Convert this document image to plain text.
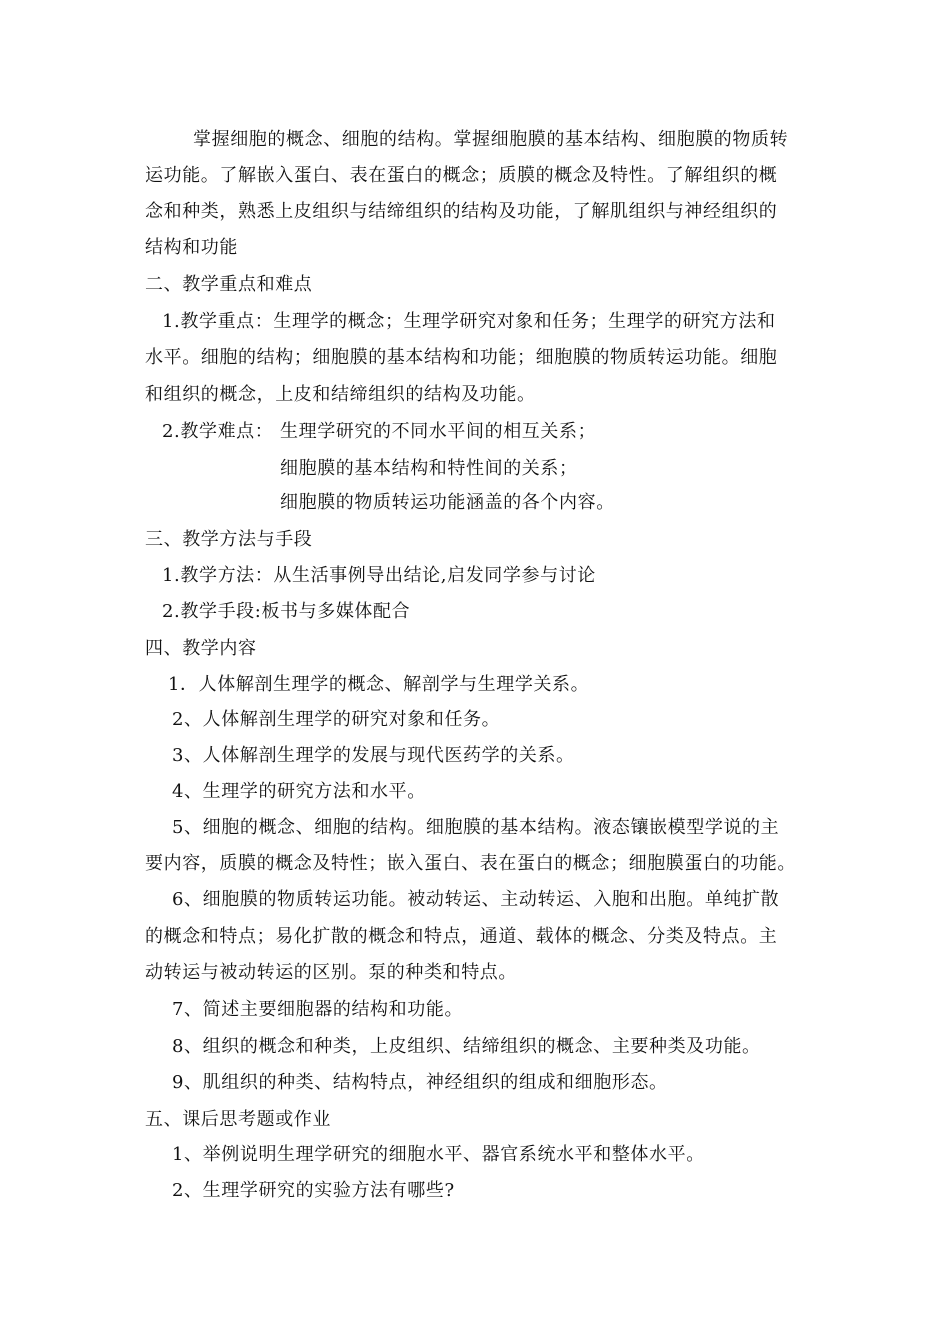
掌握细胞的概念、细胞的结构。掌握细胞膜的基本结构、细胞膜的物质转
运功能。了解嵌入蛋白、表在蛋白的概念；质膜的概念及特性。了解组织的概
念和种类，熟悉上皮组织与结缔组织的结构及功能，了解肌组织与神经组织的
结构和功能
二、教学重点和难点
1.教学重点：生理学的概念；生理学研究对象和任务；生理学的研究方法和
水平。细胞的结构；细胞膜的基本结构和功能；细胞膜的物质转运功能。细胞
和组织的概念，上皮和结缔组织的结构及功能。
2.教学难点： 生理学研究的不同水平间的相互关系；
细胞膜的基本结构和特性间的关系；
细胞膜的物质转运功能涵盖的各个内容。
三、教学方法与手段
1.教学方法：从生活事例导出结论,启发同学参与讨论
2.教学手段:板书与多媒体配合
四、教学内容
1．人体解剖生理学的概念、解剖学与生理学关系。
2、人体解剖生理学的研究对象和任务。
3、人体解剖生理学的发展与现代医药学的关系。
4、生理学的研究方法和水平。
5、细胞的概念、细胞的结构。细胞膜的基本结构。液态镶嵌模型学说的主
要内容，质膜的概念及特性；嵌入蛋白、表在蛋白的概念；细胞膜蛋白的功能。
6、细胞膜的物质转运功能。被动转运、主动转运、入胞和出胞。单纯扩散
的概念和特点；易化扩散的概念和特点，通道、载体的概念、分类及特点。主
动转运与被动转运的区别。泵的种类和特点。
7、简述主要细胞器的结构和功能。
8、组织的概念和种类，上皮组织、结缔组织的概念、主要种类及功能。
9、肌组织的种类、结构特点，神经组织的组成和细胞形态。
五、课后思考题或作业
1、举例说明生理学研究的细胞水平、器官系统水平和整体水平。
2、生理学研究的实验方法有哪些?
